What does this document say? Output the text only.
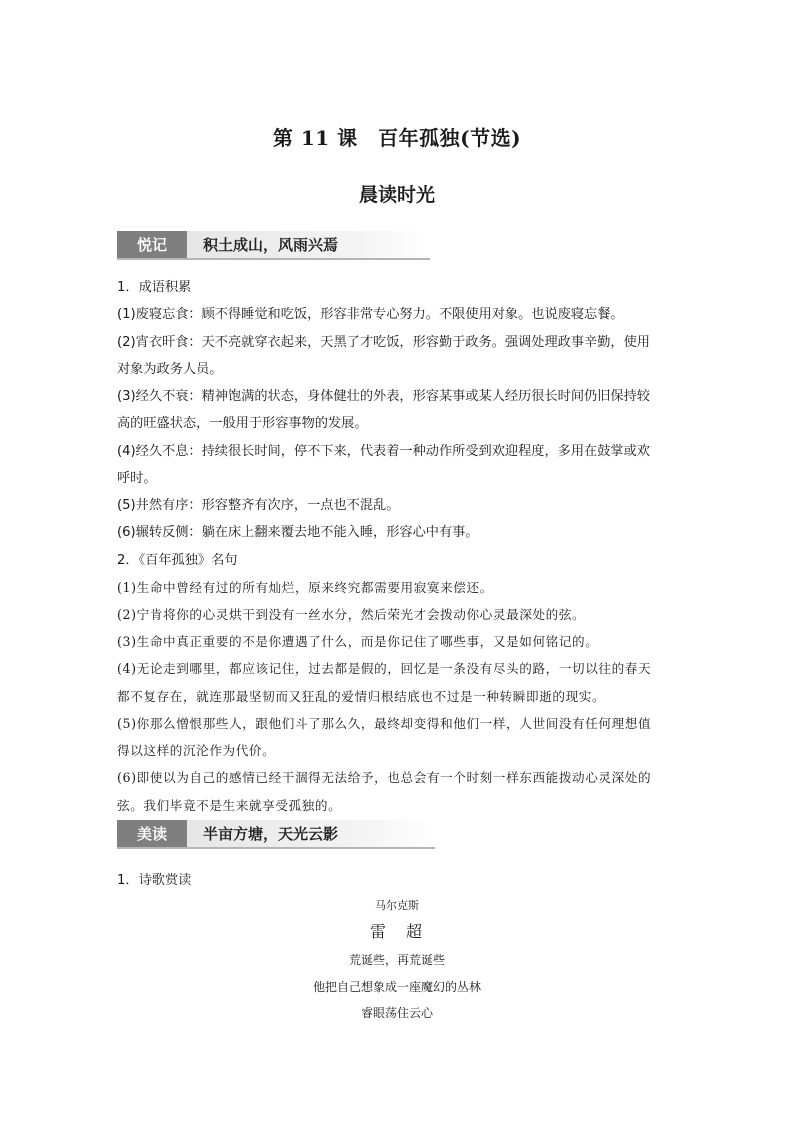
第 11 课　百年孤独(节选)
晨读时光
悦记	积土成山，风雨兴焉
1．成语积累
(1)废寝忘食：顾不得睡觉和吃饭，形容非常专心努力。不限使用对象。也说废寝忘餐。
(2)宵衣旰食：天不亮就穿衣起来，天黑了才吃饭，形容勤于政务。强调处理政事辛勤，使用
对象为政务人员。
(3)经久不衰：精神饱满的状态，身体健壮的外表，形容某事或某人经历很长时间仍旧保持较
高的旺盛状态，一般用于形容事物的发展。
(4)经久不息：持续很长时间，停不下来，代表着一种动作所受到欢迎程度，多用在鼓掌或欢
呼时。
(5)井然有序：形容整齐有次序，一点也不混乱。
(6)辗转反侧：躺在床上翻来覆去地不能入睡，形容心中有事。
2．《百年孤独》名句
(1)生命中曾经有过的所有灿烂，原来终究都需要用寂寞来偿还。
(2)宁肯将你的心灵烘干到没有一丝水分，然后荣光才会拨动你心灵最深处的弦。
(3)生命中真正重要的不是你遭遇了什么，而是你记住了哪些事，又是如何铭记的。
(4)无论走到哪里，都应该记住，过去都是假的，回忆是一条没有尽头的路，一切以往的春天
都不复存在，就连那最坚韧而又狂乱的爱情归根结底也不过是一种转瞬即逝的现实。
(5)你那么憎恨那些人，跟他们斗了那么久，最终却变得和他们一样，人世间没有任何理想值
得以这样的沉沦作为代价。
(6)即使以为自己的感情已经干涸得无法给予，也总会有一个时刻一样东西能拨动心灵深处的
弦。我们毕竟不是生来就享受孤独的。
美读	半亩方塘，天光云影
1．诗歌赏读
马尔克斯
雷　超
荒诞些，再荒诞些
他把自己想象成一座魔幻的丛林
睿眼荡住云心
